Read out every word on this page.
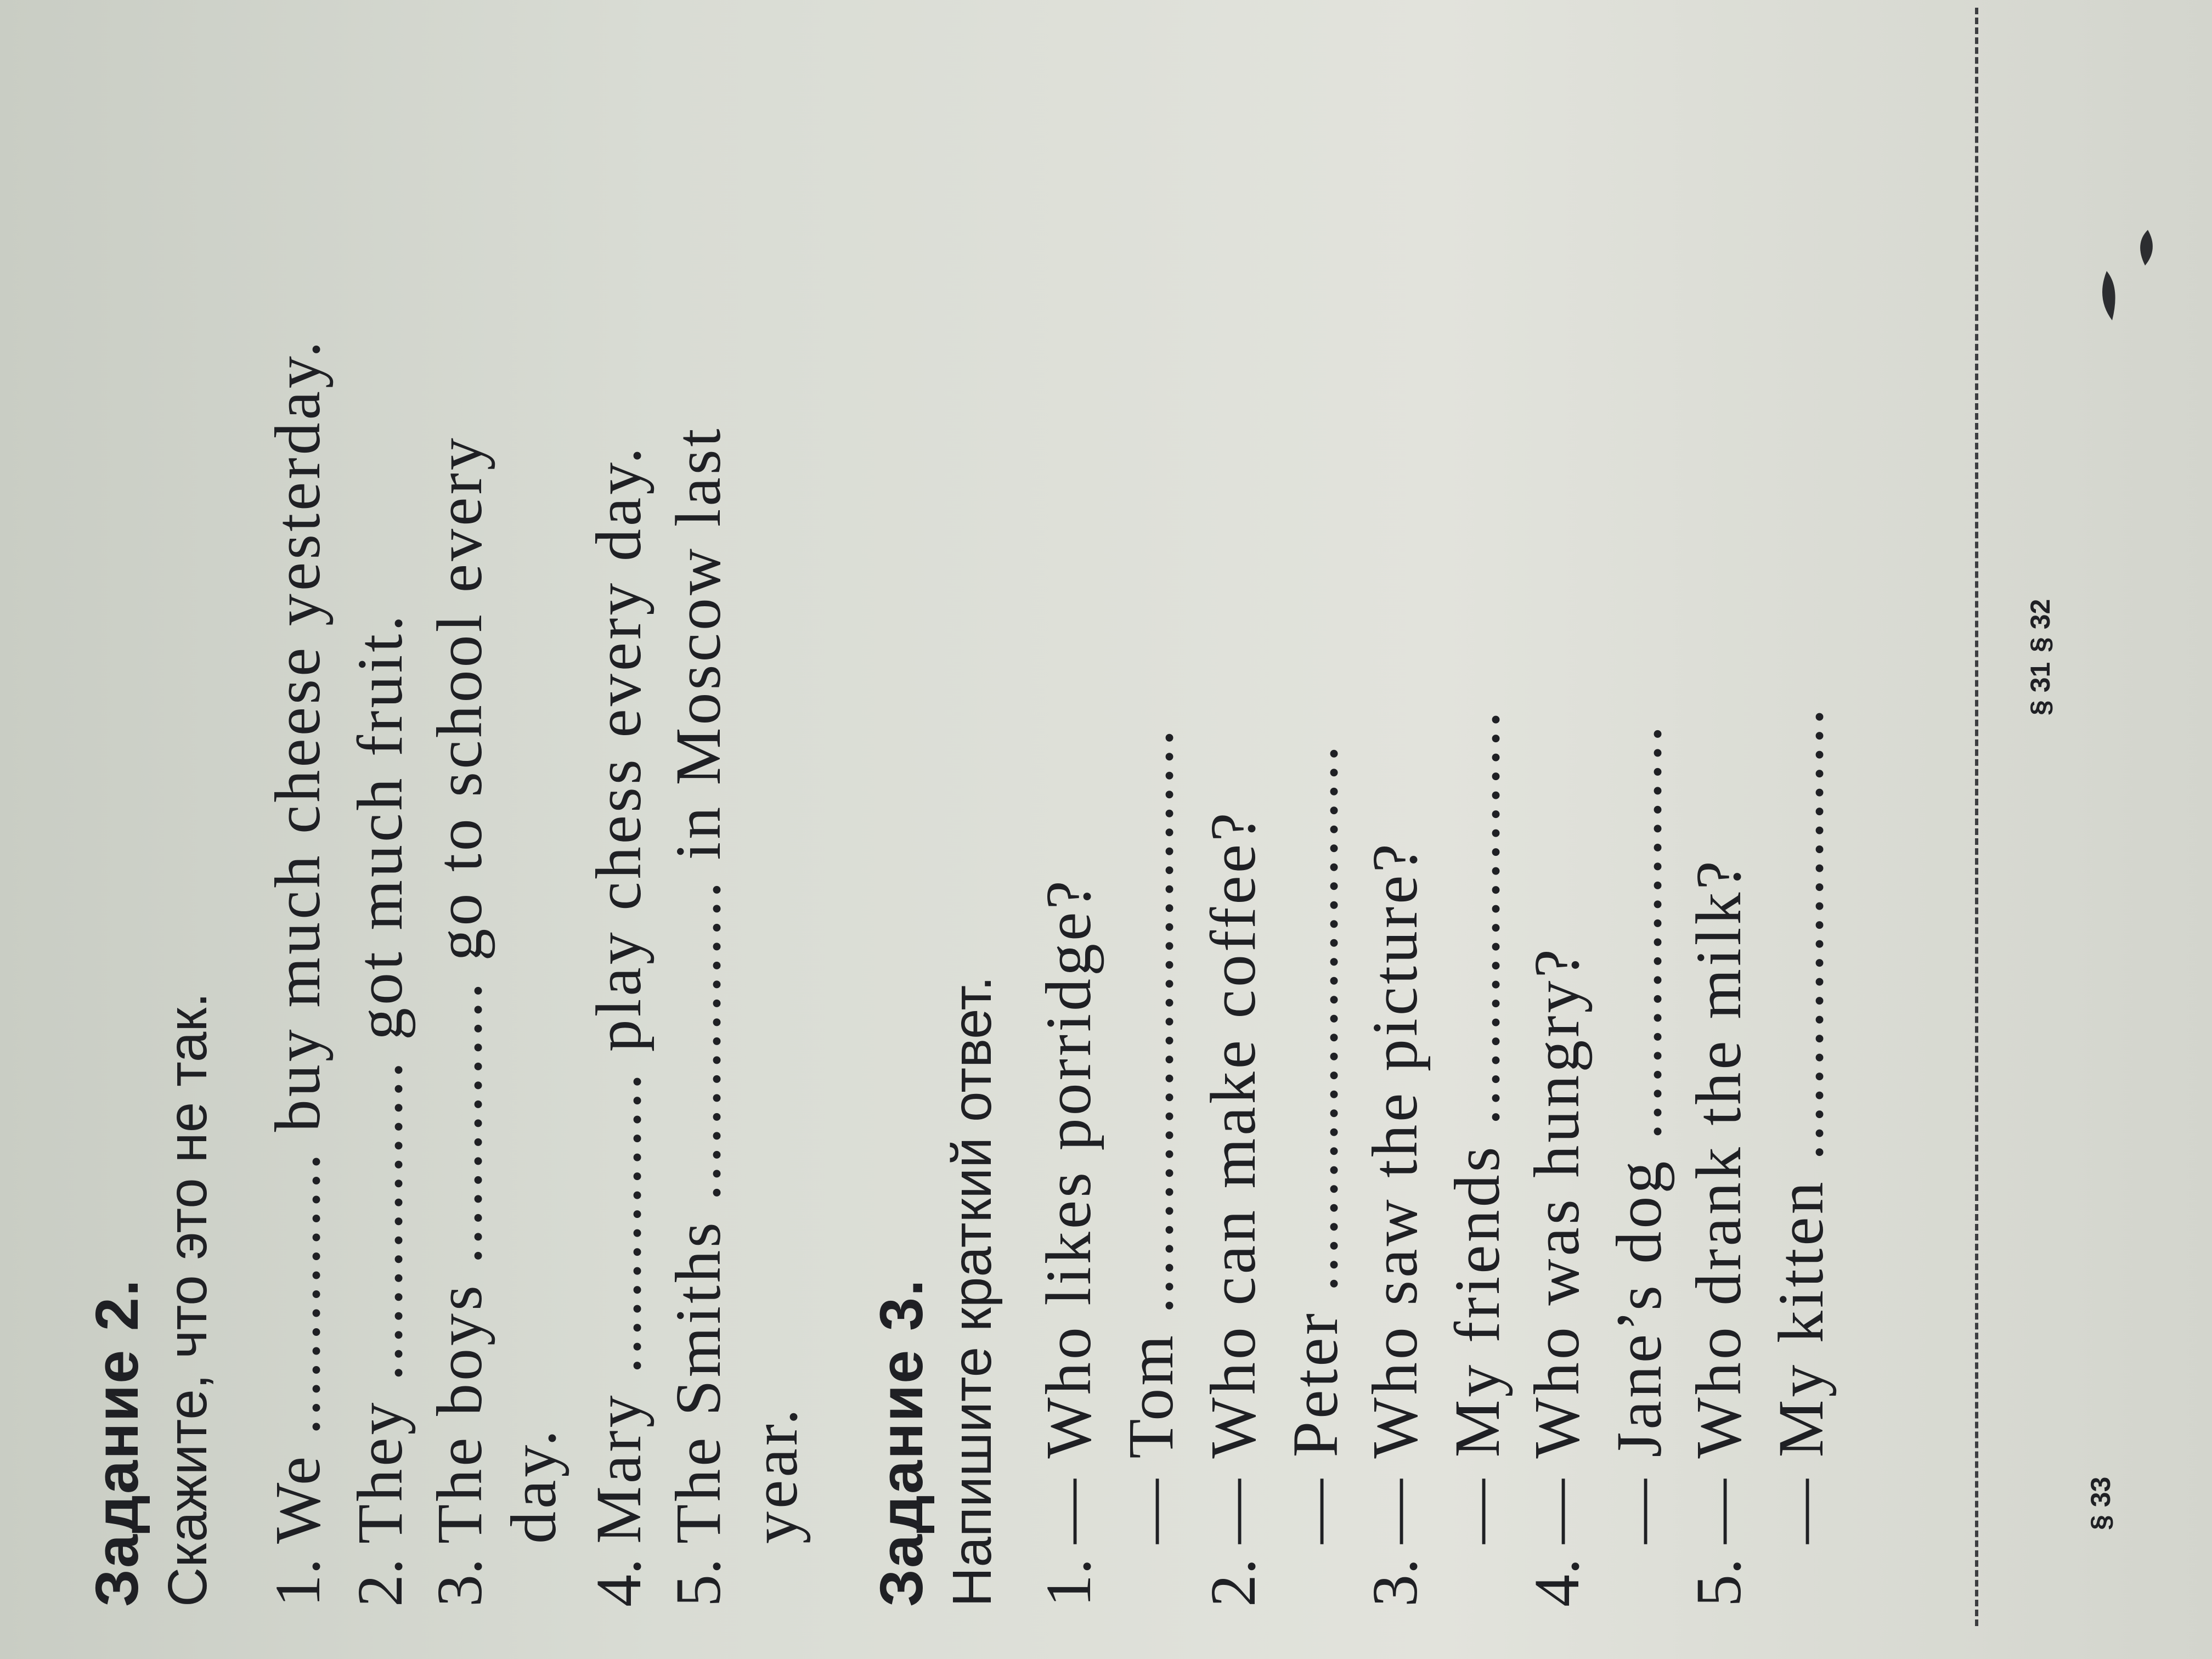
Задание 2. Скажите, что это не так. 1.
We ............... buy much cheese yesterday.
2.
They ................. got much fruit.
3.
The boys ............... go to school every day.
4.
Mary ................ play chess every day.
5.
The Smiths ................. in Moscow last year. Задание 3. Напишите краткий ответ. 1.
— Who likes porridge? — Tom ...............................
2.
— Who can make coffee? — Peter .............................
3.
— Who saw the picture? — My friends ......................
4.
— Who was hungry? — Jane’s dog ......................
5.
— Who drank the milk? — My kitten ........................
§ 31
§ 32
§ 33
